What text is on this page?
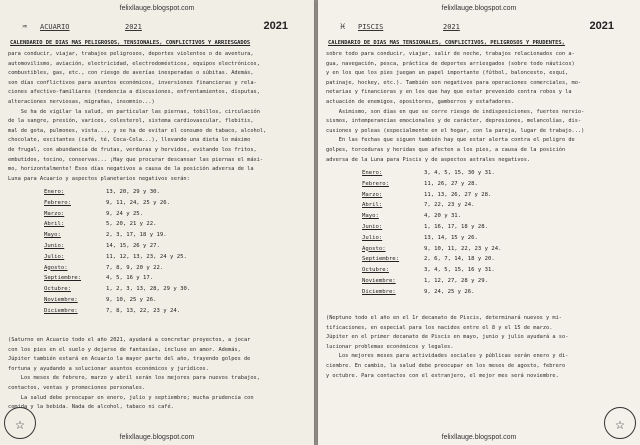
felixllauge.blogspot.com
♒ ACUARIO	2021	2021
CALENDARIO DE DÍAS MÁS PELIGROSOS, TENSIONALES, CONFLICTIVOS Y ARRIESGADOS
para conducir, viajar, trabajos peligrosos, deportes violentos o de aventura,
automovilismo, aviación, electricidad, electrodomésticos, equipos electrónicos,
combustibles, gas, etc., con riesgo de averías inesperadas o súbitas. Además,
son días conflictivos para asuntos económicos, inversiones financieras y rela-
ciones afectivo-familiares (tendencia a discusiones, enfrentamientos, disputas,
alteraciones nerviosas, migrañas, insomnio...)
Se ha de vigilar la salud, en particular las piernas, tobillos, circulación
de la sangre, presión, varices, colesterol, sistema cardiovascular, flebitis,
mal de gota, pulmones, vista..., y se ha de evitar el consumo de tabaco, alcohol,
chocolate, excitantes (café, té, Coca-Cola...), llevando una dieta lo máximo
de frugal, con abundancia de frutas, verduras y hervidos, evitando los fritos,
embutidos, tocino, conservas... ¡Hay que procurar descansar las piernas el máxi-
mo, horizontalmente! Esos días negativos a causa de la posición adversa de la
Luna para Acuario y aspectos planetarios negativos serán:
Enero:	13, 20, 29 y 30.
Febrero:	9, 11, 24, 25 y 26.
Marzo:	9, 24 y 25.
Abril:	5, 20, 21 y 22.
Mayo:	2, 3, 17, 18 y 19.
Junio:	14, 15, 26 y 27.
Julio:	11, 12, 13, 23, 24 y 25.
Agosto:	7, 8, 9, 20 y 22.
Septiembre:	4, 5, 16 y 17.
Octubre:	1, 2, 3, 13, 28, 29 y 30.
Noviembre:	9, 10, 25 y 26.
Diciembre:	7, 8, 13, 22, 23 y 24.
(Saturno en Acuario todo el año 2021, ayudará a concretar proyectos, a jocar
con los pies en el suelo y dejarse de fantasías, incluso en amor. Además,
Júpiter también estará en Acuario la mayor parte del año, trayendo golpes de
fortuna y ayudando a solucionar asuntos económicos y jurídicos.
Los meses de febrero, marzo y abril serán los mejores para nuevos trabajos,
contactos, ventas y promociones personales.
La salud debe preocupar en enero, julio y septiembre; mucha prudencia con
comida y la bebida. Nada de alcohol, tabaco ni café.
☆
felixllauge.blogspot.com
felixllauge.blogspot.com
♓ PISCIS	2021	2021
CALENDARIO DE DÍAS MÁS TENSIONALES, CONFLICTIVOS, PELIGROSOS Y PRUDENTES,
sobre todo para conducir, viajar, salir de noche, trabajos relacionados con a-
gua, navegación, pesca, práctica de deportes arriesgados (sobre todo náuticos)
y en los que los pies juegan un papel importante (fútbol, baloncesto, esquí,
patinaje, hockey, etc.). También son negativos para operaciones comerciales, mo-
netarias y financieras y en los que hay que estar prevenido contra robos y la
actuación de enemigos, opositores, gamberros y estafadores.
Asimismo, son días en que se corre riesgo de indisposiciones, fuertes nervio-
sismos, intemperancias emocionales y de carácter, depresiones, melancolías, dis-
cusiones y peleas (especialmente en el hogar, con la pareja, lugar de trabajo...)
En las fechas que siguen también hay que estar alerta contra el peligro de
golpes, torceduras y heridas que afecten a los pies, a causa de la posición
adversa de la Luna para Piscis y de aspectos astrales negativos.
Enero:	3, 4, 5, 15, 30 y 31.
Febrero:	11, 26, 27 y 28.
Marzo:	11, 13, 26, 27 y 28.
Abril:	7, 22, 23 y 24.
Mayo:	4, 20 y 31.
Junio:	1, 16, 17, 18 y 28.
Julio:	13, 14, 15 y 26.
Agosto:	9, 10, 11, 22, 23 y 24.
Septiembre:	2, 6, 7, 14, 18 y 20.
Octubre:	3, 4, 5, 15, 16 y 31.
Noviembre:	1, 12, 27, 28 y 29.
Diciembre:	9, 24, 25 y 26.
(Neptuno todo el año en el 1r decanato de Piscis, determinará nuevos y mi-
tificaciones, en especial para los nacidos entre el 8 y el 15 de marzo.
Júpiter en el primer decanato de Piscis en mayo, junio y julio ayudará a so-
lucionar problemas económicos y legales.
Los mejores meses para actividades sociales y públicas serán enero y di-
ciembre. En cambio, la salud debe preocupar en los meses de agosto, febrero
y octubre. Para contactos con el extranjero, el mejor mes será noviembre.
☆
felixllauge.blogspot.com
